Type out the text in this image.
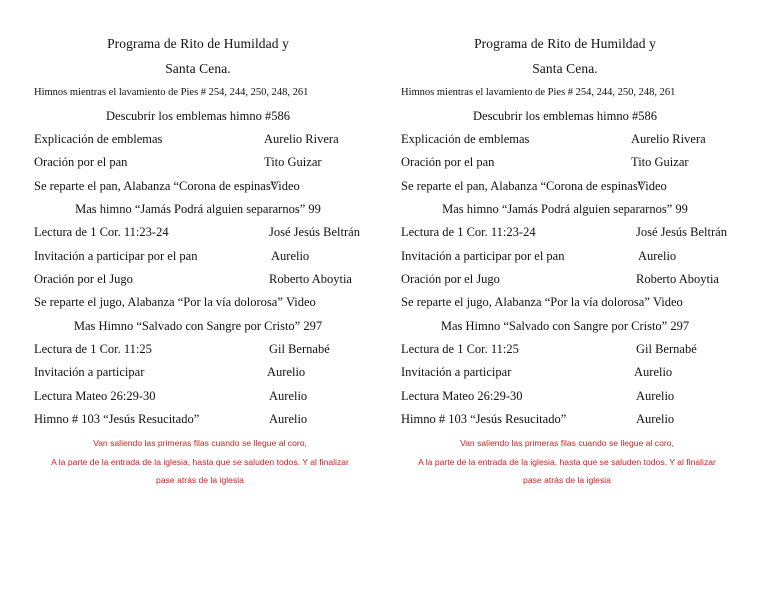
Programa de Rito de Humildad y
Santa Cena.
Himnos mientras el lavamiento de Pies # 254, 244, 250, 248, 261
Descubrir los emblemas himno #586
Explicación de emblemas	Aurelio Rivera
Oración por el pan	Tito Guizar
Se reparte el pan, Alabanza “Corona de espinas”
Video
Mas himno “Jamás Podrá alguien separarnos” 99
Lectura de 1 Cor. 11:23-24	José Jesús Beltrán
Invitación a participar por el pan	Aurelio
Oración por el Jugo	Roberto Aboytia
Se reparte el jugo, Alabanza “Por la vía dolorosa” Video
Mas Himno “Salvado con Sangre por Cristo” 297
Lectura de 1 Cor. 11:25	Gil Bernabé
Invitación a participar	Aurelio
Lectura Mateo 26:29-30	Aurelio
Himno # 103 “Jesús Resucitado”	Aurelio
Van saliendo las primeras filas cuando se llegue al coro,
A la parte de la entrada de la iglesia, hasta que se saluden todos. Y al finalizar
pase atrás de la iglesia
Programa de Rito de Humildad y
Santa Cena.
Himnos mientras el lavamiento de Pies # 254, 244, 250, 248, 261
Descubrir los emblemas himno #586
Explicación de emblemas	Aurelio Rivera
Oración por el pan	Tito Guizar
Se reparte el pan, Alabanza “Corona de espinas”
Video
Mas himno “Jamás Podrá alguien separarnos” 99
Lectura de 1 Cor. 11:23-24	José Jesús Beltrán
Invitación a participar por el pan	Aurelio
Oración por el Jugo	Roberto Aboytia
Se reparte el jugo, Alabanza “Por la vía dolorosa” Video
Mas Himno “Salvado con Sangre por Cristo” 297
Lectura de 1 Cor. 11:25	Gil Bernabé
Invitación a participar	Aurelio
Lectura Mateo 26:29-30	Aurelio
Himno # 103 “Jesús Resucitado”	Aurelio
Van saliendo las primeras filas cuando se llegue al coro,
A la parte de la entrada de la iglesia, hasta que se saluden todos. Y al finalizar
pase atrás de la iglesia
